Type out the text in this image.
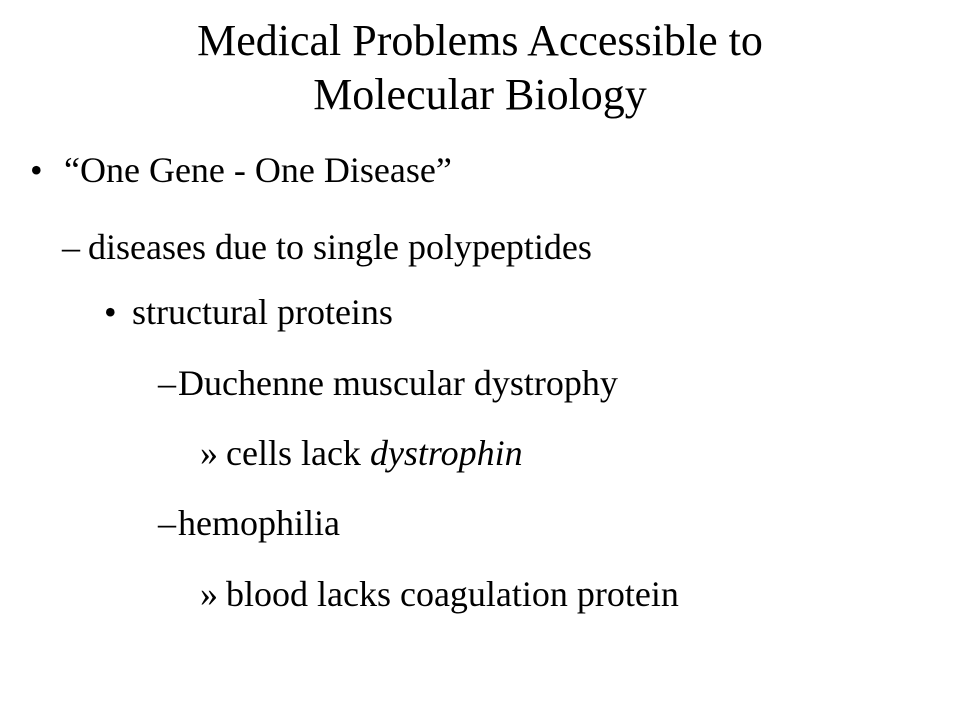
Medical Problems Accessible to
Molecular Biology
• “One Gene - One Disease”
– diseases due to single polypeptides
• structural proteins
– Duchenne muscular dystrophy
» cells lack dystrophin
– hemophilia
» blood lacks coagulation protein
